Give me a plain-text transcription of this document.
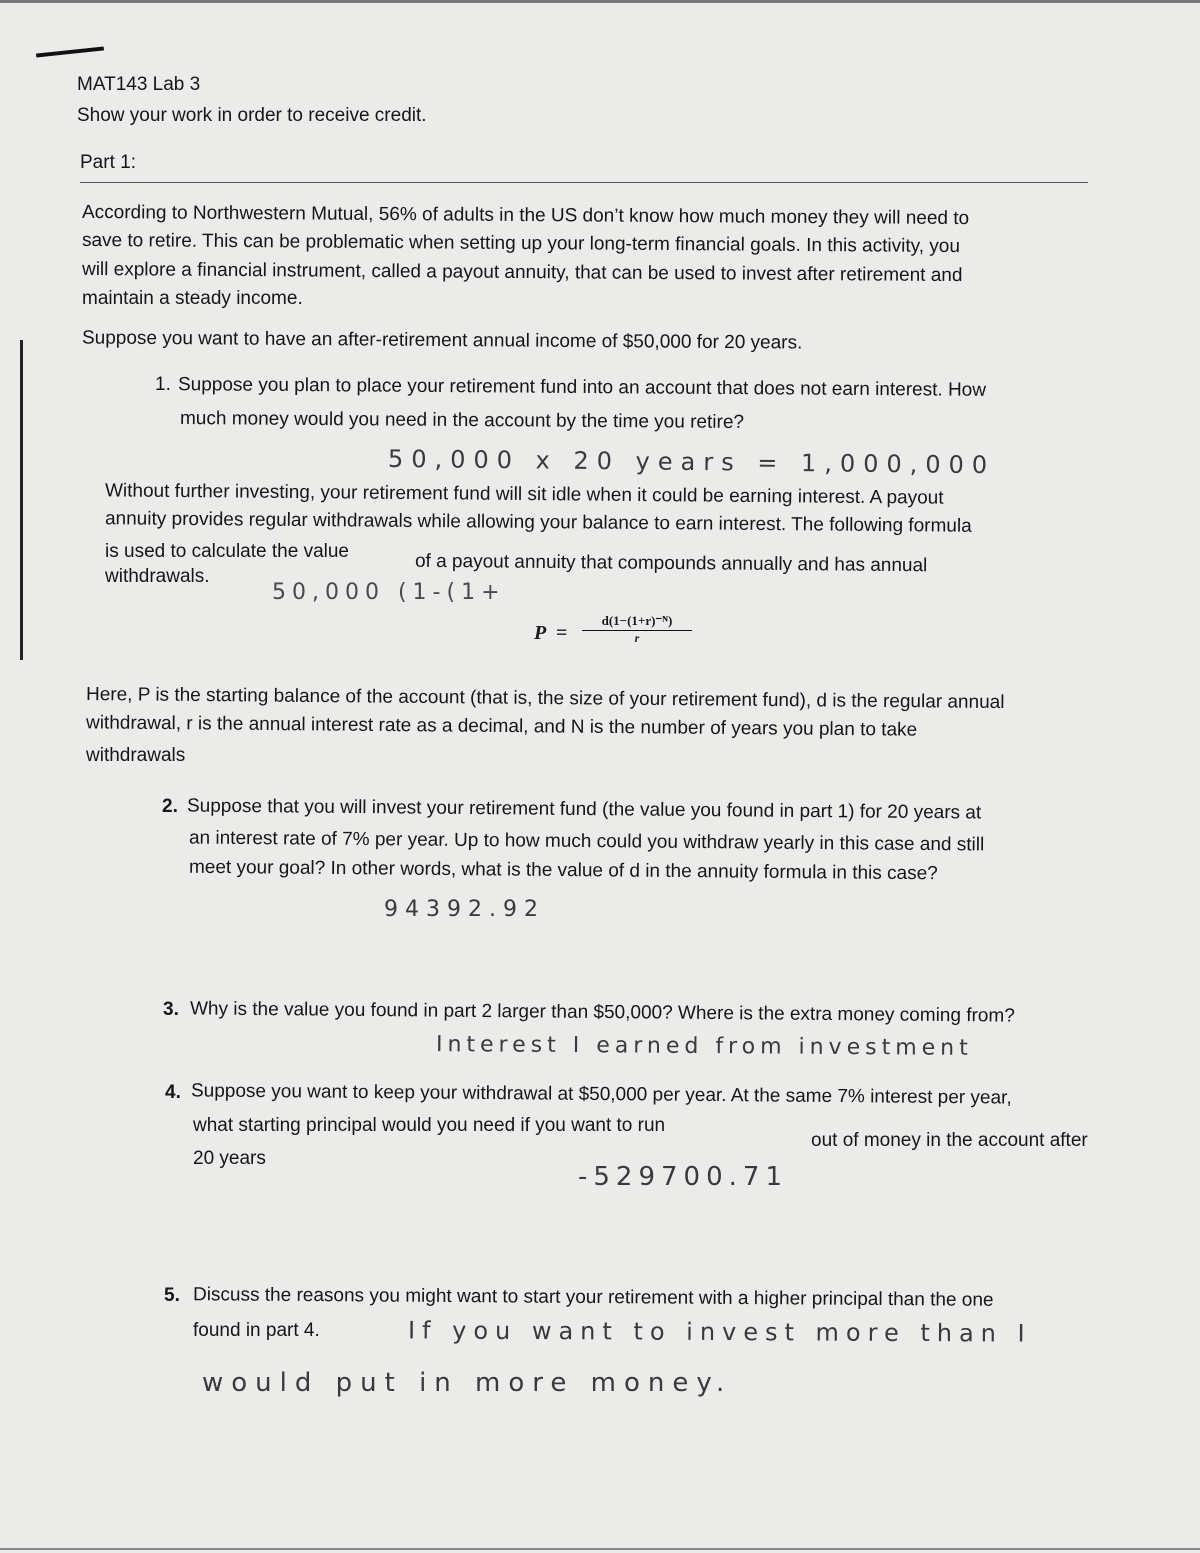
MAT143 Lab 3
Show your work in order to receive credit.
Part 1:
According to Northwestern Mutual, 56% of adults in the US don’t know how much money they will need to
save to retire. This can be problematic when setting up your long-term financial goals. In this activity, you
will explore a financial instrument, called a payout annuity, that can be used to invest after retirement and
maintain a steady income.
Suppose you want to have an after-retirement annual income of $50,000 for 20 years.
1. Suppose you plan to place your retirement fund into an account that does not earn interest. How
much money would you need in the account by the time you retire?
50,000 x 20 years = 1,000,000
Without further investing, your retirement fund will sit idle when it could be earning interest. A payout
annuity provides regular withdrawals while allowing your balance to earn interest. The following formula
is used to calculate the value	of a payout annuity that compounds annually and has annual
withdrawals.
50,000 (1-(1+
$P = \frac{\text{d(1−(1+r)⁻ᴺ)}}{r}$
Here, P is the starting balance of the account (that is, the size of your retirement fund), d is the regular annual
withdrawal, r is the annual interest rate as a decimal, and N is the number of years you plan to take
withdrawals
2. Suppose that you will invest your retirement fund (the value you found in part 1) for 20 years at
an interest rate of 7% per year. Up to how much could you withdraw yearly in this case and still
meet your goal? In other words, what is the value of d in the annuity formula in this case?
94392.92
3. Why is the value you found in part 2 larger than $50,000? Where is the extra money coming from?
Interest I earned from investment
4. Suppose you want to keep your withdrawal at $50,000 per year. At the same 7% interest per year,
what starting principal would you need if you want to run
out of money in the account after
20 years
-529700.71
5. Discuss the reasons you might want to start your retirement with a higher principal than the one
found in part 4.	If you want to invest more than I
would put in more money.
